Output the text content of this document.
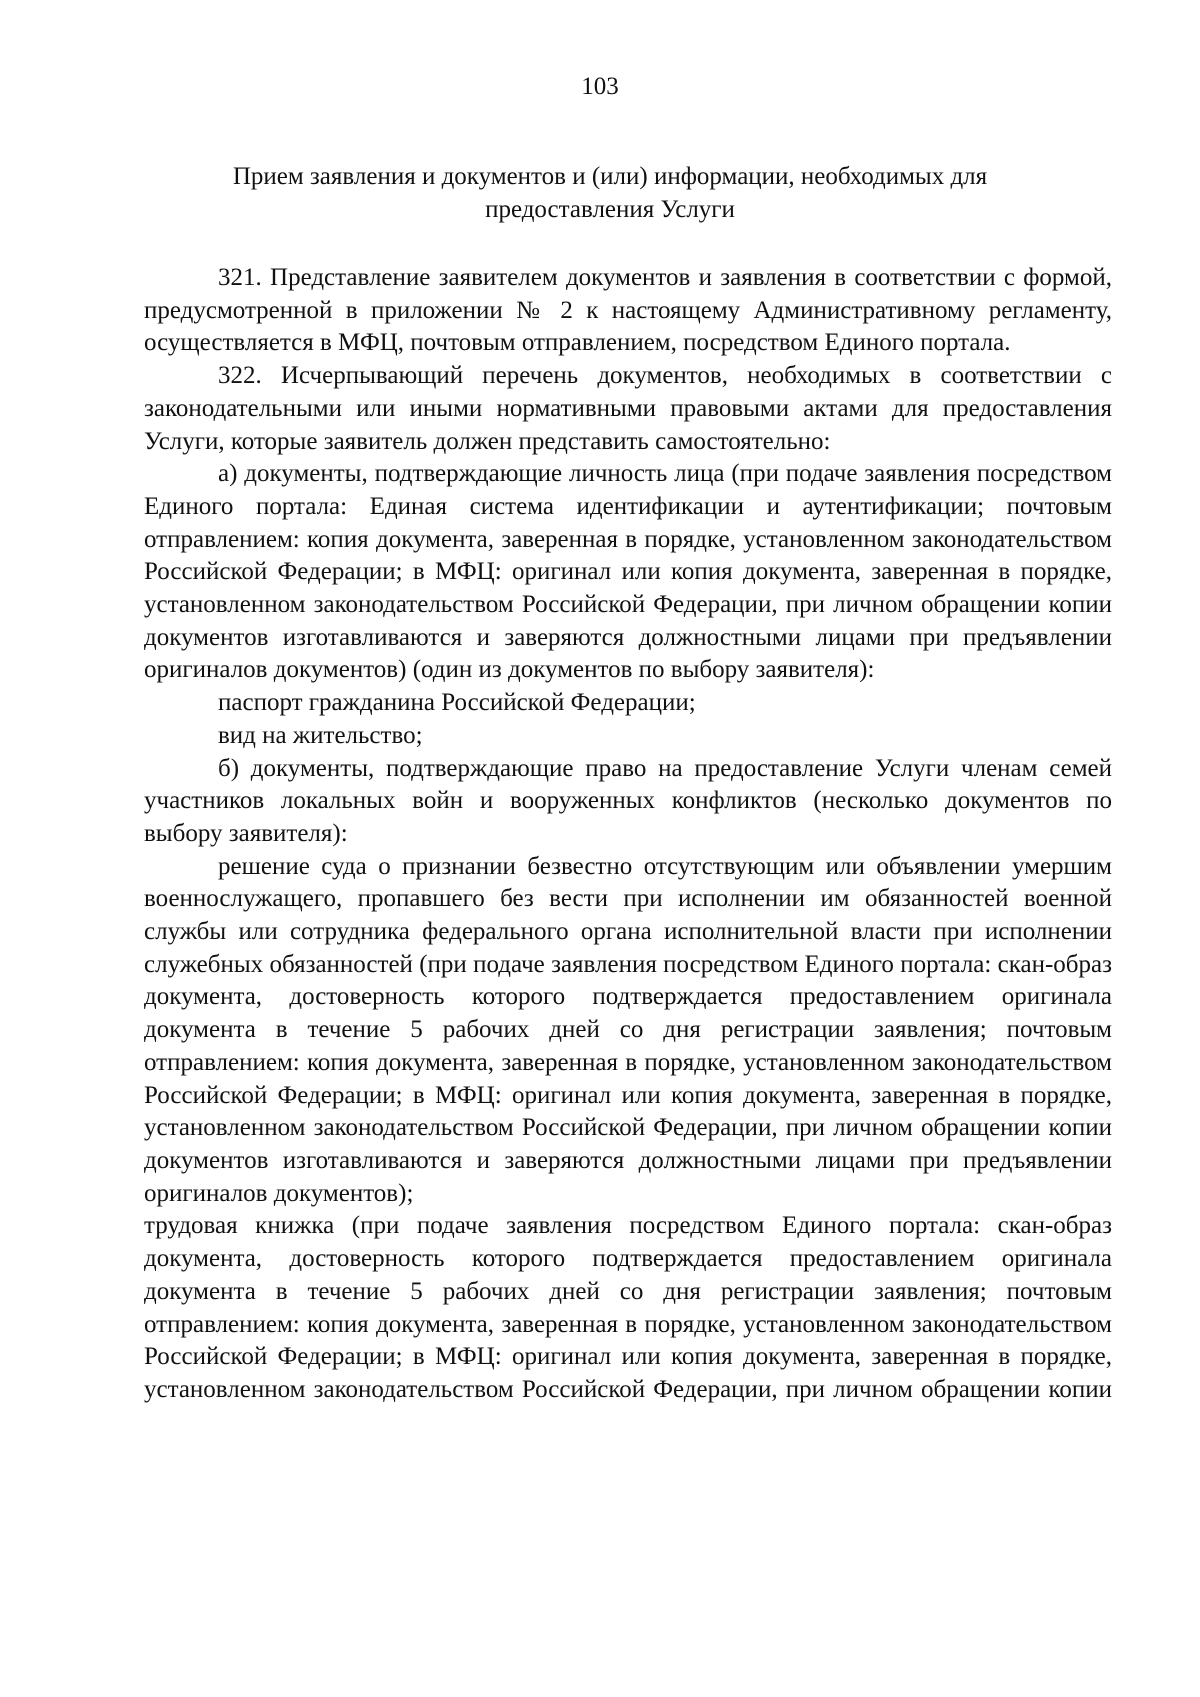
103
Прием заявления и документов и (или) информации, необходимых для
предоставления Услуги

321. Представление заявителем документов и заявления в соответствии с формой, предусмотренной в приложении № 2 к настоящему Административному регламенту, осуществляется в МФЦ, почтовым отправлением, посредством Единого портала.

322. Исчерпывающий перечень документов, необходимых в соответствии с законодательными или иными нормативными правовыми актами для предоставления Услуги, которые заявитель должен представить самостоятельно:

а) документы, подтверждающие личность лица (при подаче заявления посредством Единого портала: Единая система идентификации и аутентификации; почтовым отправлением: копия документа, заверенная в порядке, установленном законодательством Российской Федерации; в МФЦ: оригинал или копия документа, заверенная в порядке, установленном законодательством Российской Федерации, при личном обращении копии документов изготавливаются и заверяются должностными лицами при предъявлении оригиналов документов) (один из документов по выбору заявителя):

паспорт гражданина Российской Федерации;

вид на жительство;

б) документы, подтверждающие право на предоставление Услуги членам семей участников локальных войн и вооруженных конфликтов (несколько документов по выбору заявителя):

решение суда о признании безвестно отсутствующим или объявлении умершим военнослужащего, пропавшего без вести при исполнении им обязанностей военной службы или сотрудника федерального органа исполнительной власти при исполнении служебных обязанностей (при подаче заявления посредством Единого портала: скан-образ документа, достоверность которого подтверждается предоставлением оригинала документа в течение 5 рабочих дней со дня регистрации заявления; почтовым отправлением: копия документа, заверенная в порядке, установленном законодательством Российской Федерации; в МФЦ: оригинал или копия документа, заверенная в порядке, установленном законодательством Российской Федерации, при личном обращении копии документов изготавливаются и заверяются должностными лицами при предъявлении оригиналов документов);

трудовая книжка (при подаче заявления посредством Единого портала: скан-образ документа, достоверность которого подтверждается предоставлением оригинала документа в течение 5 рабочих дней со дня регистрации заявления; почтовым отправлением: копия документа, заверенная в порядке, установленном законодательством Российской Федерации; в МФЦ: оригинал или копия документа, заверенная в порядке, установленном законодательством Российской Федерации, при личном обращении копии
